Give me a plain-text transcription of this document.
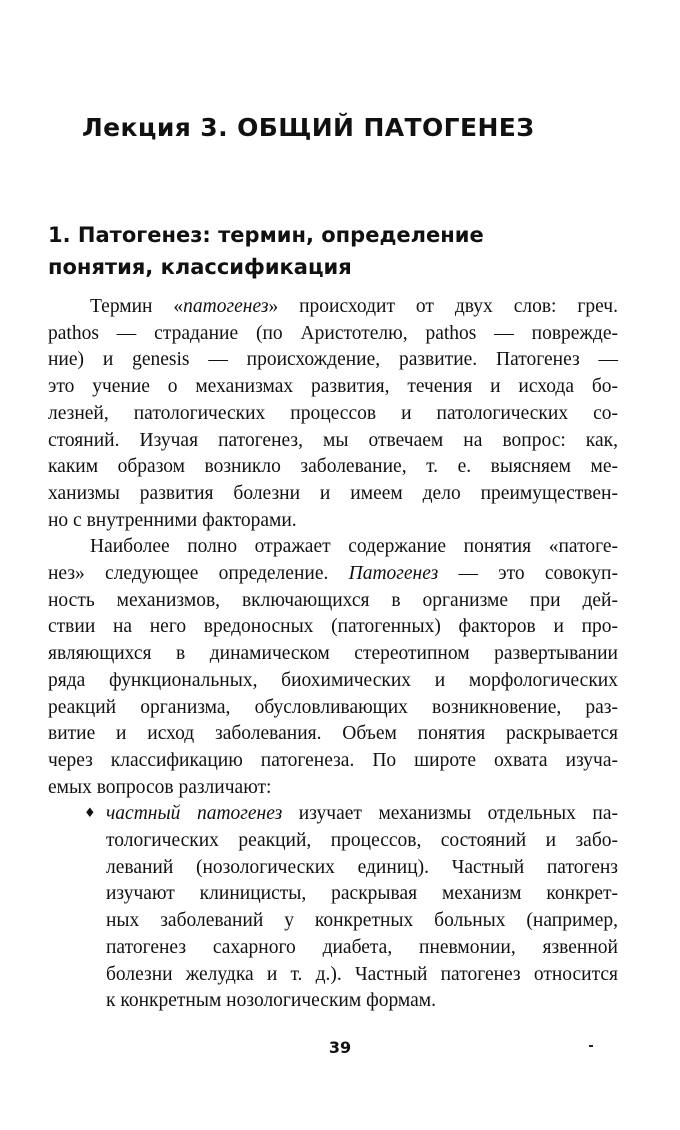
Лекция 3. ОБЩИЙ ПАТОГЕНЕЗ
1. Патогенез: термин, определение
понятия, классификация
Термин «патогенез» происходит от двух слов: греч.
pathos — страдание (по Аристотелю, pathos — поврежде-
ние) и genesis — происхождение, развитие. Патогенез —
это учение о механизмах развития, течения и исхода бо-
лезней, патологических процессов и патологических со-
стояний. Изучая патогенез, мы отвечаем на вопрос: как,
каким образом возникло заболевание, т. е. выясняем ме-
ханизмы развития болезни и имеем дело преимуществен-
но с внутренними факторами.
Наиболее полно отражает содержание понятия «патоге-
нез» следующее определение. Патогенез — это совокуп-
ность механизмов, включающихся в организме при дей-
ствии на него вредоносных (патогенных) факторов и про-
являющихся в динамическом стереотипном развертывании
ряда функциональных, биохимических и морфологических
реакций организма, обусловливающих возникновение, раз-
витие и исход заболевания. Объем понятия раскрывается
через классификацию патогенеза. По широте охвата изуча-
емых вопросов различают:
♦ частный патогенез изучает механизмы отдельных па-
тологических реакций, процессов, состояний и забо-
леваний (нозологических единиц). Частный патогенз
изучают клиницисты, раскрывая механизм конкрет-
ных заболеваний у конкретных больных (например,
патогенез сахарного диабета, пневмонии, язвенной
болезни желудка и т. д.). Частный патогенез относится
к конкретным нозологическим формам.
39
